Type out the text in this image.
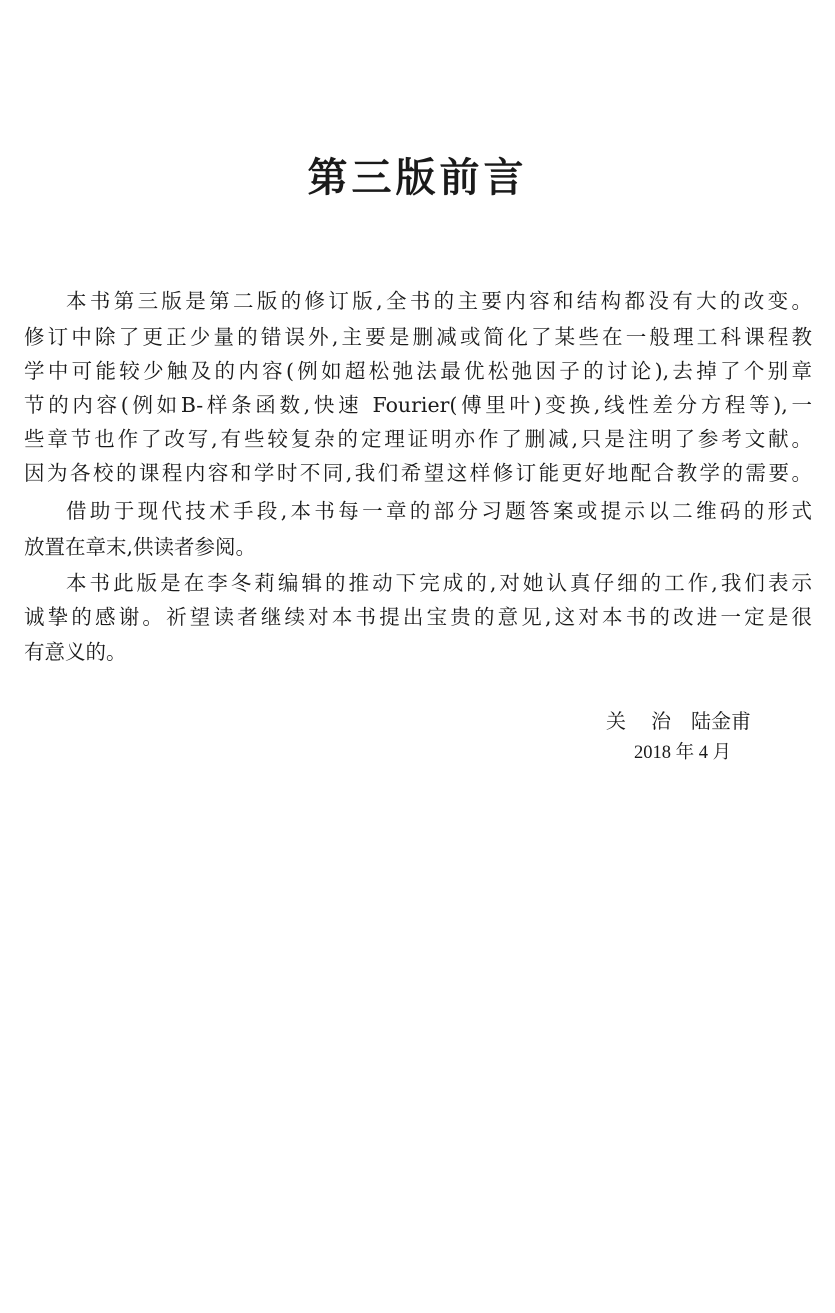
第三版前言
本书第三版是第二版的修订版,全书的主要内容和结构都没有大的改变。
修订中除了更正少量的错误外,主要是删减或简化了某些在一般理工科课程教
学中可能较少触及的内容(例如超松弛法最优松弛因子的讨论),去掉了个别章
节的内容(例如B-样条函数,快速 Fourier(傅里叶)变换,线性差分方程等),一
些章节也作了改写,有些较复杂的定理证明亦作了删减,只是注明了参考文献。
因为各校的课程内容和学时不同,我们希望这样修订能更好地配合教学的需要。
借助于现代技术手段,本书每一章的部分习题答案或提示以二维码的形式
放置在章末,供读者参阅。
本书此版是在李冬莉编辑的推动下完成的,对她认真仔细的工作,我们表示
诚挚的感谢。祈望读者继续对本书提出宝贵的意见,这对本书的改进一定是很
有意义的。
关 治 陆金甫
2018 年 4 月
